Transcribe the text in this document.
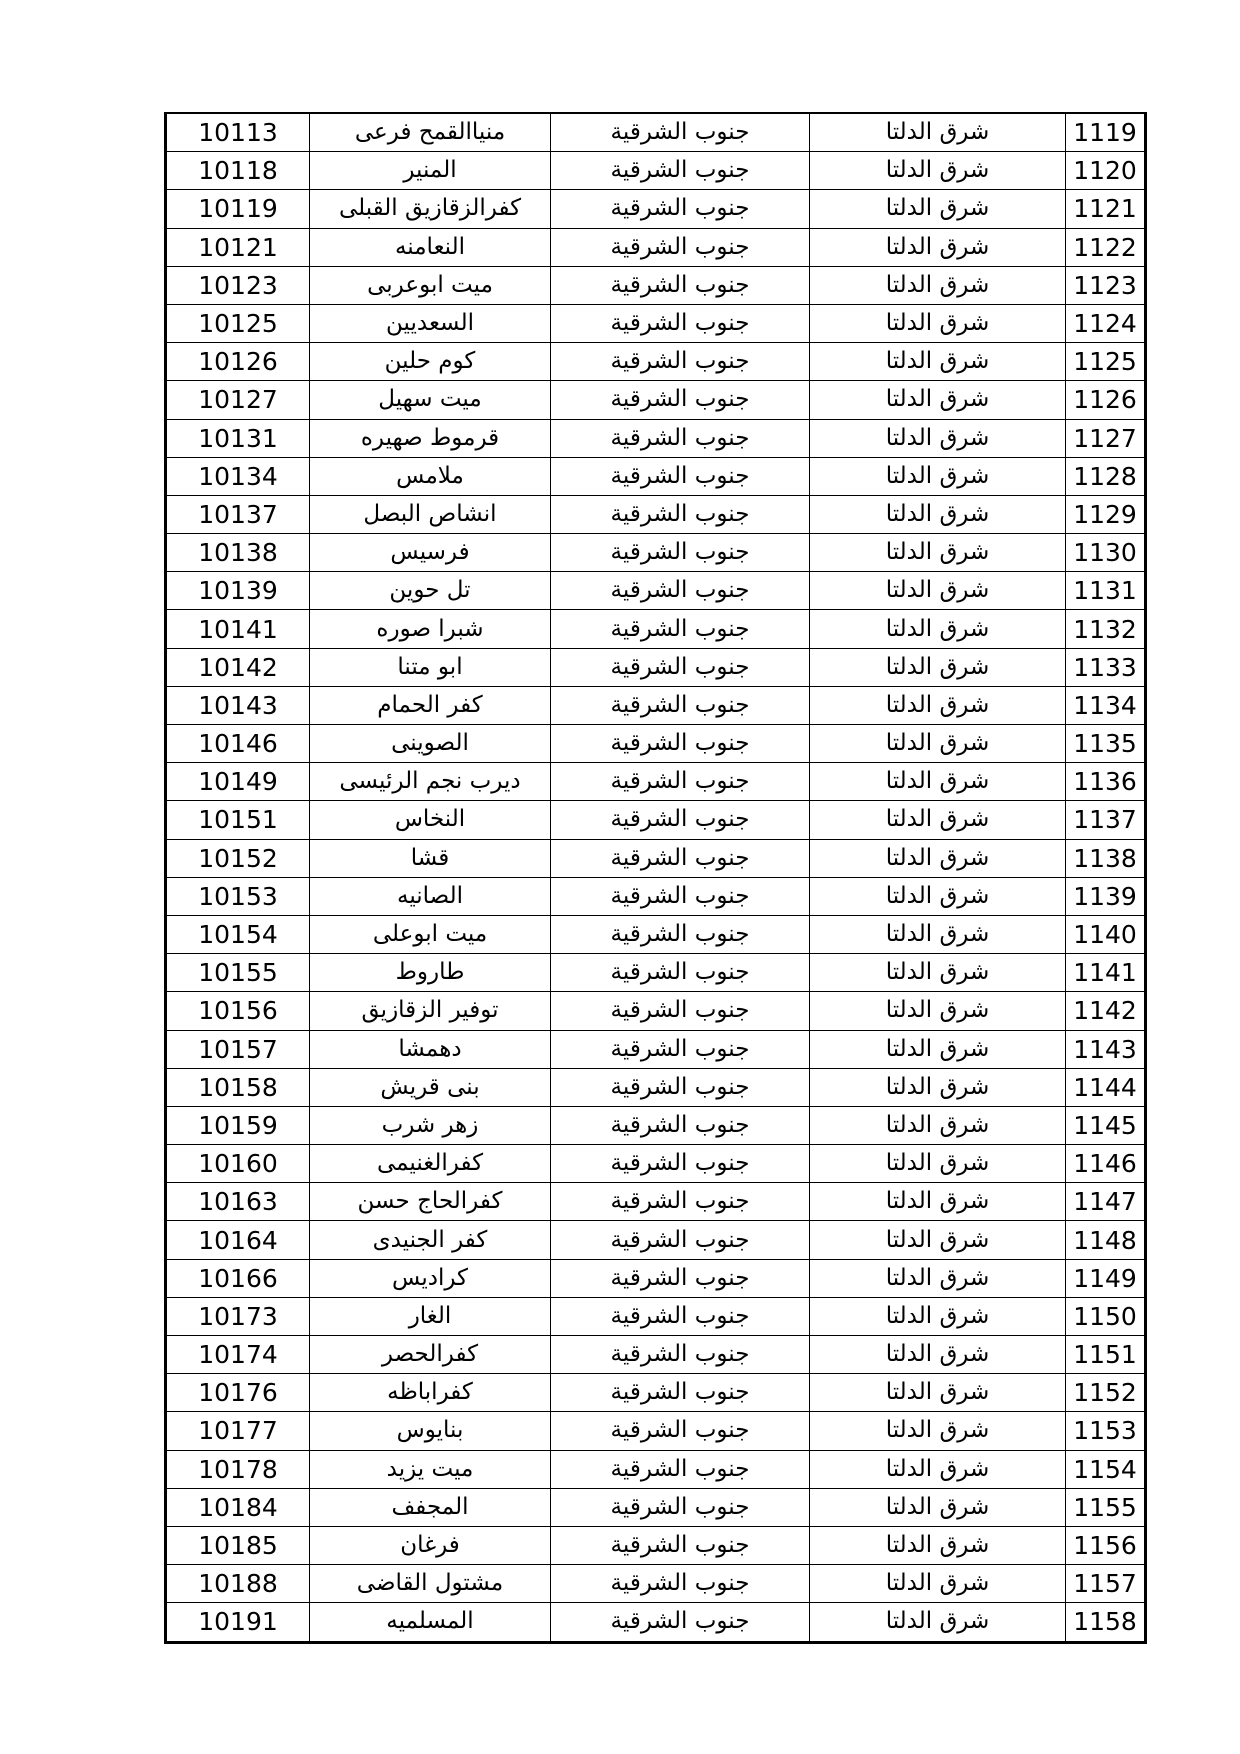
10113	منياالقمح فرعى	جنوب الشرقية	شرق الدلتا	1119
10118	المنير	جنوب الشرقية	شرق الدلتا	1120
10119	كفرالزقازيق القبلى	جنوب الشرقية	شرق الدلتا	1121
10121	النعامنه	جنوب الشرقية	شرق الدلتا	1122
10123	ميت ابوعربى	جنوب الشرقية	شرق الدلتا	1123
10125	السعديين	جنوب الشرقية	شرق الدلتا	1124
10126	كوم حلين	جنوب الشرقية	شرق الدلتا	1125
10127	ميت سهيل	جنوب الشرقية	شرق الدلتا	1126
10131	قرموط صهيره	جنوب الشرقية	شرق الدلتا	1127
10134	ملامس	جنوب الشرقية	شرق الدلتا	1128
10137	انشاص البصل	جنوب الشرقية	شرق الدلتا	1129
10138	فرسيس	جنوب الشرقية	شرق الدلتا	1130
10139	تل حوين	جنوب الشرقية	شرق الدلتا	1131
10141	شبرا صوره	جنوب الشرقية	شرق الدلتا	1132
10142	ابو متنا	جنوب الشرقية	شرق الدلتا	1133
10143	كفر الحمام	جنوب الشرقية	شرق الدلتا	1134
10146	الصوينى	جنوب الشرقية	شرق الدلتا	1135
10149	ديرب نجم الرئيسى	جنوب الشرقية	شرق الدلتا	1136
10151	النخاس	جنوب الشرقية	شرق الدلتا	1137
10152	قشا	جنوب الشرقية	شرق الدلتا	1138
10153	الصانيه	جنوب الشرقية	شرق الدلتا	1139
10154	ميت ابوعلى	جنوب الشرقية	شرق الدلتا	1140
10155	طاروط	جنوب الشرقية	شرق الدلتا	1141
10156	توفير الزقازيق	جنوب الشرقية	شرق الدلتا	1142
10157	دهمشا	جنوب الشرقية	شرق الدلتا	1143
10158	بنى قريش	جنوب الشرقية	شرق الدلتا	1144
10159	زهر شرب	جنوب الشرقية	شرق الدلتا	1145
10160	كفرالغنيمى	جنوب الشرقية	شرق الدلتا	1146
10163	كفرالحاج حسن	جنوب الشرقية	شرق الدلتا	1147
10164	كفر الجنيدى	جنوب الشرقية	شرق الدلتا	1148
10166	كراديس	جنوب الشرقية	شرق الدلتا	1149
10173	الغار	جنوب الشرقية	شرق الدلتا	1150
10174	كفرالحصر	جنوب الشرقية	شرق الدلتا	1151
10176	كفراباظه	جنوب الشرقية	شرق الدلتا	1152
10177	بنايوس	جنوب الشرقية	شرق الدلتا	1153
10178	ميت يزيد	جنوب الشرقية	شرق الدلتا	1154
10184	المجفف	جنوب الشرقية	شرق الدلتا	1155
10185	فرغان	جنوب الشرقية	شرق الدلتا	1156
10188	مشتول القاضى	جنوب الشرقية	شرق الدلتا	1157
10191	المسلميه	جنوب الشرقية	شرق الدلتا	1158
